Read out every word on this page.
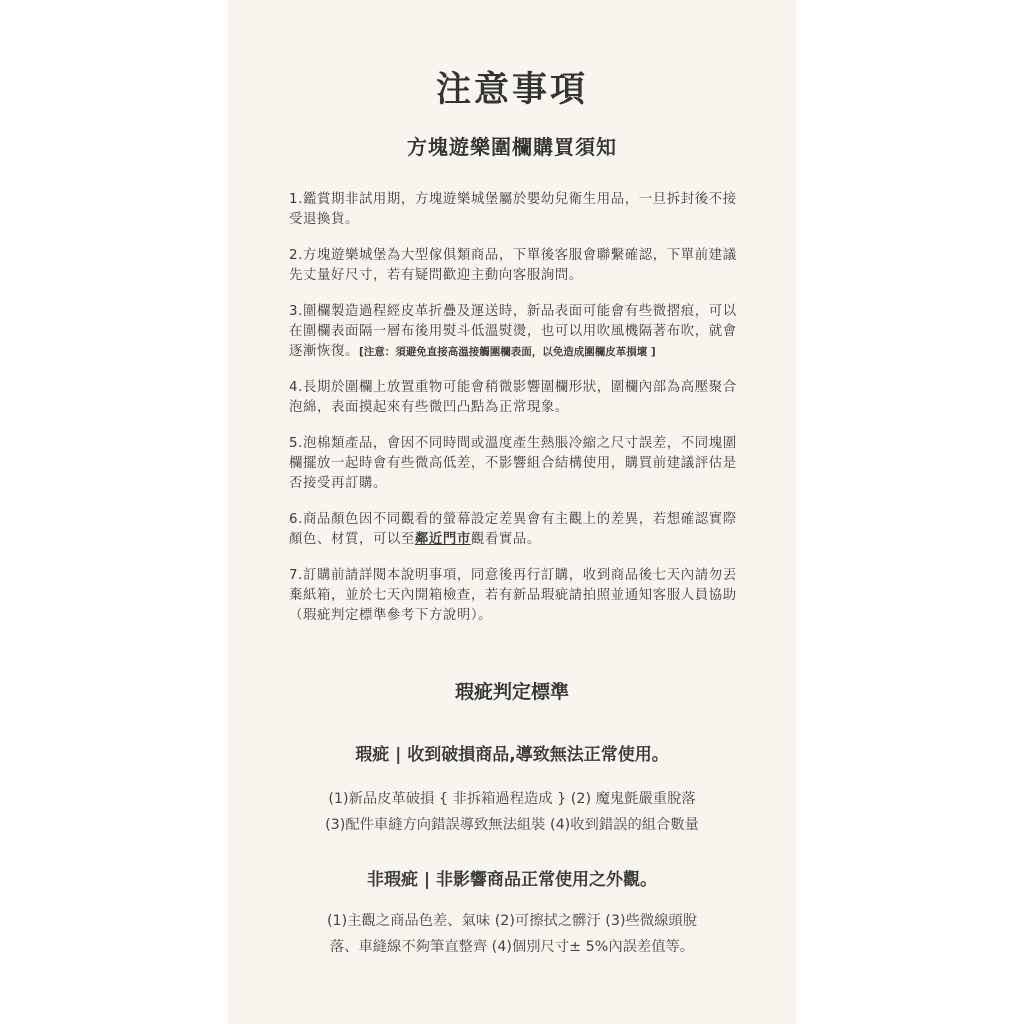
注意事項
方塊遊樂圍欄購買須知

1.鑑賞期非試用期，方塊遊樂城堡屬於嬰幼兒衛生用品，一旦拆封後不接受退換貨。

2.方塊遊樂城堡為大型傢俱類商品，下單後客服會聯繫確認，下單前建議先丈量好尺寸，若有疑問歡迎主動向客服詢問。

3.圍欄製造過程經皮革折疊及運送時，新品表面可能會有些微摺痕，可以在圍欄表面隔一層布後用熨斗低溫熨燙，也可以用吹風機隔著布吹，就會逐漸恢復。[注意：須避免直接高溫接觸圍欄表面，以免造成圍欄皮革損壞 ]

4.長期於圍欄上放置重物可能會稍微影響圍欄形狀，圍欄內部為高壓聚合泡綿，表面摸起來有些微凹凸點為正常現象。

5.泡棉類產品，會因不同時間或溫度產生熱脹冷縮之尺寸誤差，不同塊圍欄擺放一起時會有些微高低差，不影響組合結構使用，購買前建議評估是否接受再訂購。

6.商品顏色因不同觀看的螢幕設定差異會有主觀上的差異，若想確認實際顏色、材質，可以至鄰近門市觀看實品。

7.訂購前請詳閱本說明事項，同意後再行訂購，收到商品後七天內請勿丟棄紙箱，並於七天內開箱檢查，若有新品瑕疵請拍照並通知客服人員協助（瑕疵判定標準參考下方說明）。

瑕疵判定標準
瑕疵 | 收到破損商品,導致無法正常使用。
(1)新品皮革破損 { 非拆箱過程造成 } (2) 魔鬼氈嚴重脫落
(3)配件車縫方向錯誤導致無法組裝 (4)收到錯誤的組合數量
非瑕疵 | 非影響商品正常使用之外觀。
(1)主觀之商品色差、氣味 (2)可擦拭之髒汙 (3)些微線頭脫
落、車縫線不夠筆直整齊 (4)個別尺寸± 5%內誤差值等。
